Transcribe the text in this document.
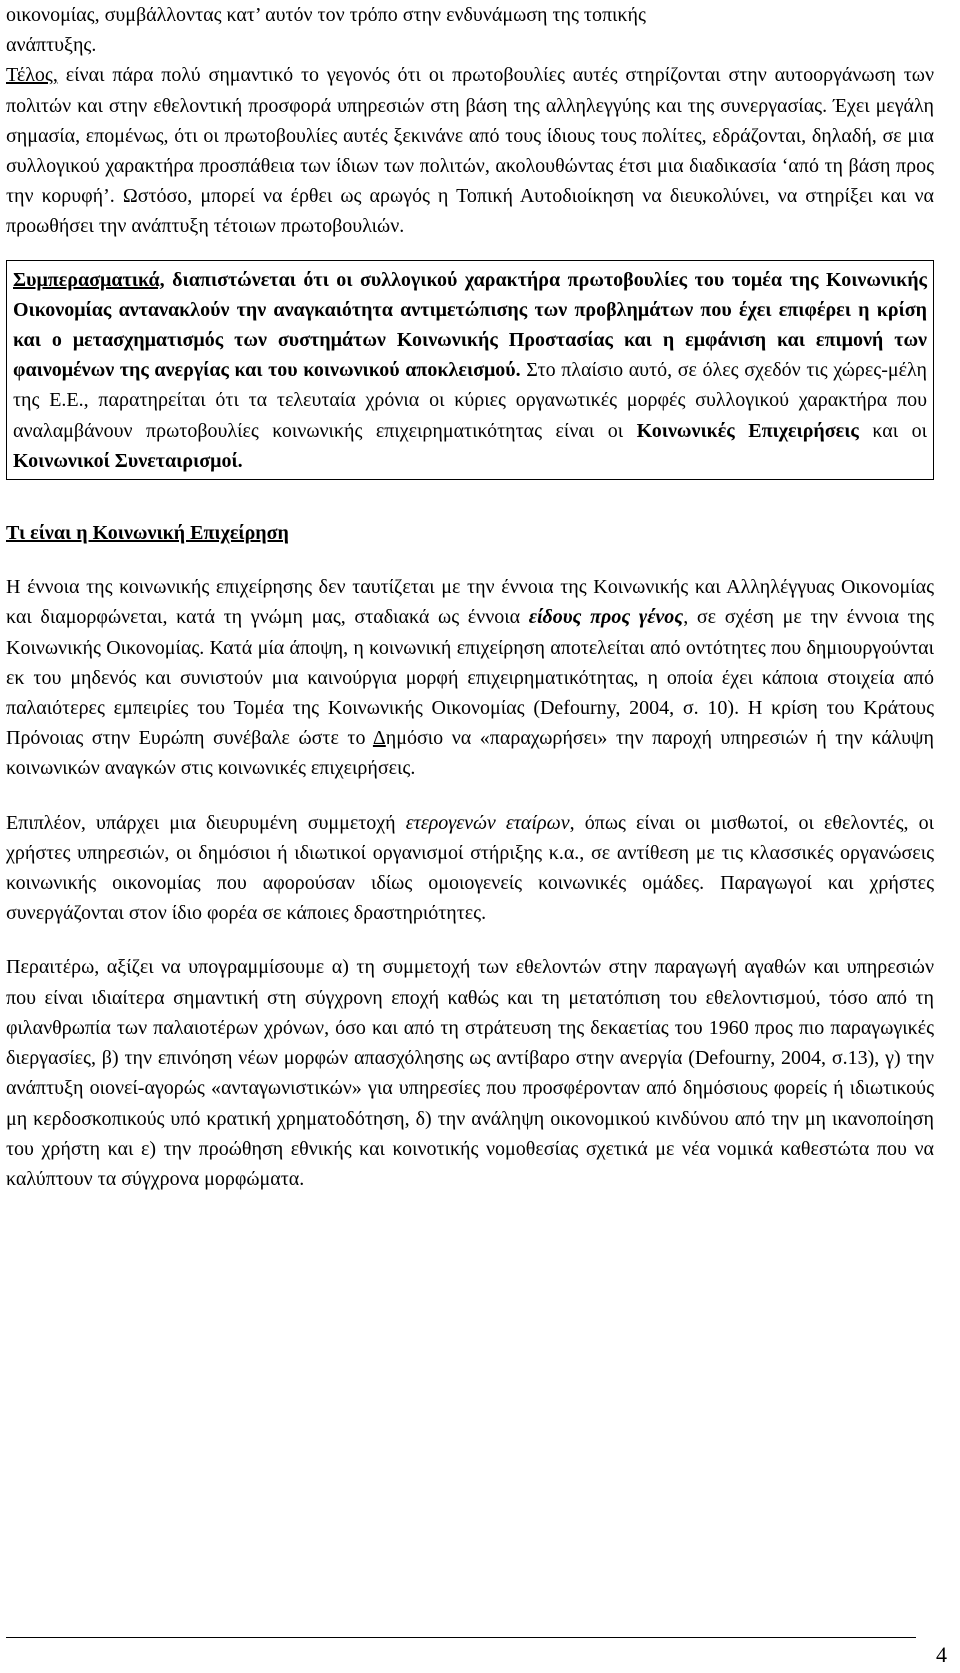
οικονομίας, συμβάλλοντας κατ’ αυτόν τον τρόπο στην ενδυνάμωση της τοπικής
ανάπτυξης.

Τέλος, είναι πάρα πολύ σημαντικό το γεγονός ότι οι πρωτοβουλίες αυτές στηρίζονται στην αυτοοργάνωση των πολιτών και στην εθελοντική προσφορά υπηρεσιών στη βάση της αλληλεγγύης και της συνεργασίας. Έχει μεγάλη σημασία, επομένως, ότι οι πρωτοβουλίες αυτές ξεκινάνε από τους ίδιους τους πολίτες, εδράζονται, δηλαδή, σε μια συλλογικού χαρακτήρα προσπάθεια των ίδιων των πολιτών, ακολουθώντας έτσι μια διαδικασία ‘από τη βάση προς την κορυφή’. Ωστόσο, μπορεί να έρθει ως αρωγός η Τοπική Αυτοδιοίκηση να διευκολύνει, να στηρίξει και να προωθήσει την ανάπτυξη τέτοιων πρωτοβουλιών.

Συμπερασματικά, διαπιστώνεται ότι οι συλλογικού χαρακτήρα πρωτοβουλίες του τομέα της Κοινωνικής Οικονομίας αντανακλούν την αναγκαιότητα αντιμετώπισης των προβλημάτων που έχει επιφέρει η κρίση και ο μετασχηματισμός των συστημάτων Κοινωνικής Προστασίας και η εμφάνιση και επιμονή των φαινομένων της ανεργίας και του κοινωνικού αποκλεισμού. Στο πλαίσιο αυτό, σε όλες σχεδόν τις χώρες-μέλη της Ε.Ε., παρατηρείται ότι τα τελευταία χρόνια οι κύριες οργανωτικές μορφές συλλογικού χαρακτήρα που αναλαμβάνουν πρωτοβουλίες κοινωνικής επιχειρηματικότητας είναι οι Κοινωνικές Επιχειρήσεις και οι Κοινωνικοί Συνεταιρισμοί.

Τι είναι η Κοινωνική Επιχείρηση

Η έννοια της κοινωνικής επιχείρησης δεν ταυτίζεται με την έννοια της Κοινωνικής και Αλληλέγγυας Οικονομίας και διαμορφώνεται, κατά τη γνώμη μας, σταδιακά ως έννοια είδους προς γένος, σε σχέση με την έννοια της Κοινωνικής Οικονομίας. Κατά μία άποψη, η κοινωνική επιχείρηση αποτελείται από οντότητες που δημιουργούνται εκ του μηδενός και συνιστούν μια καινούργια μορφή επιχειρηματικότητας, η οποία έχει κάποια στοιχεία από παλαιότερες εμπειρίες του Τομέα της Κοινωνικής Οικονομίας (Defourny, 2004, σ. 10). Η κρίση του Κράτους Πρόνοιας στην Ευρώπη συνέβαλε ώστε το Δημόσιο να «παραχωρήσει» την παροχή υπηρεσιών ή την κάλυψη κοινωνικών αναγκών στις κοινωνικές επιχειρήσεις.

Επιπλέον, υπάρχει μια διευρυμένη συμμετοχή ετερογενών εταίρων, όπως είναι οι μισθωτοί, οι εθελοντές, οι χρήστες υπηρεσιών, οι δημόσιοι ή ιδιωτικοί οργανισμοί στήριξης κ.α., σε αντίθεση με τις κλασσικές οργανώσεις κοινωνικής οικονομίας που αφορούσαν ιδίως ομοιογενείς κοινωνικές ομάδες. Παραγωγοί και χρήστες συνεργάζονται στον ίδιο φορέα σε κάποιες δραστηριότητες.

Περαιτέρω, αξίζει να υπογραμμίσουμε α) τη συμμετοχή των εθελοντών στην παραγωγή αγαθών και υπηρεσιών που είναι ιδιαίτερα σημαντική στη σύγχρονη εποχή καθώς και τη μετατόπιση του εθελοντισμού, τόσο από τη φιλανθρωπία των παλαιοτέρων χρόνων, όσο και από τη στράτευση της δεκαετίας του 1960 προς πιο παραγωγικές διεργασίες, β) την επινόηση νέων μορφών απασχόλησης ως αντίβαρο στην ανεργία (Defourny, 2004, σ.13), γ) την ανάπτυξη οιονεί-αγορώς «ανταγωνιστικών» για υπηρεσίες που προσφέρονταν από δημόσιους φορείς ή ιδιωτικούς μη κερδοσκοπικούς υπό κρατική χρηματοδότηση, δ) την ανάληψη οικονομικού κινδύνου από την μη ικανοποίηση του χρήστη και ε) την προώθηση εθνικής και κοινοτικής νομοθεσίας σχετικά με νέα νομικά καθεστώτα που να καλύπτουν τα σύγχρονα μορφώματα.

4
